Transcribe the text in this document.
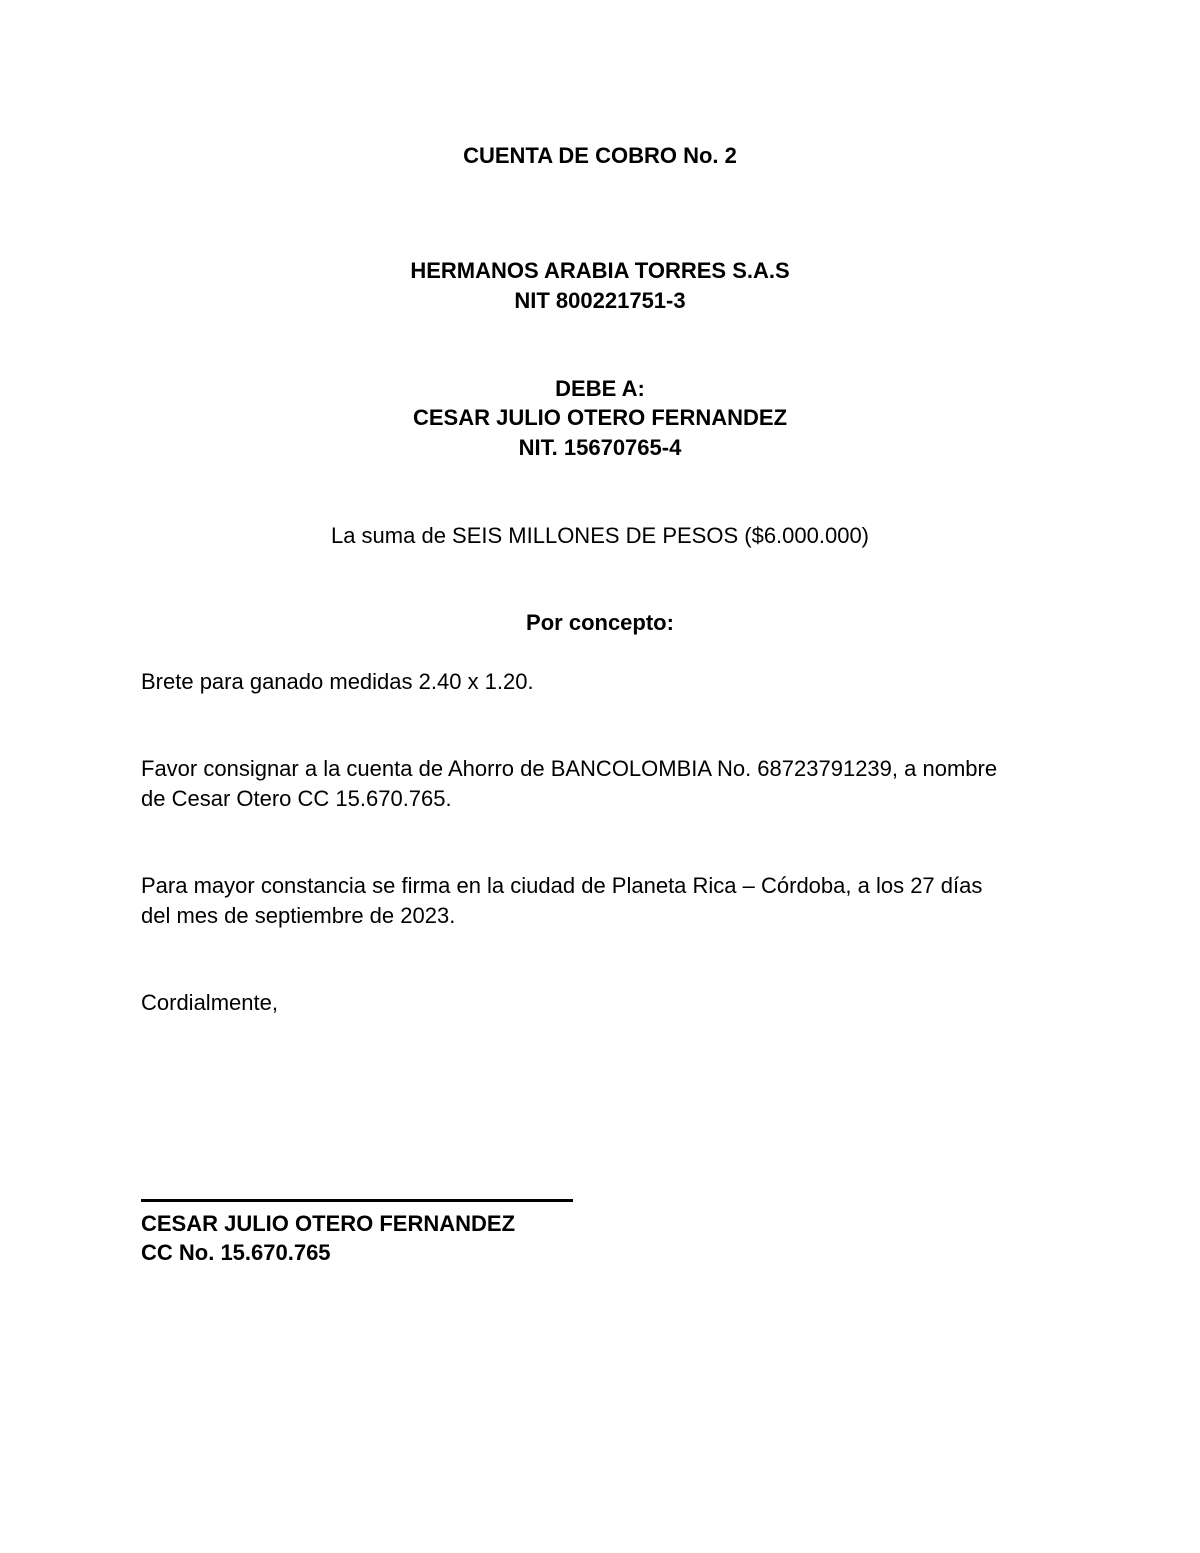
CUENTA DE COBRO No. 2
HERMANOS ARABIA TORRES S.A.S
NIT 800221751-3
DEBE A:
CESAR JULIO OTERO FERNANDEZ
NIT. 15670765-4
La suma de SEIS MILLONES DE PESOS ($6.000.000)
Por concepto:
Brete para ganado medidas 2.40 x 1.20.
Favor consignar a la cuenta de Ahorro de BANCOLOMBIA No. 68723791239, a nombre
de Cesar Otero CC 15.670.765.
Para mayor constancia se firma en la ciudad de Planeta Rica – Córdoba, a los 27 días
del mes de septiembre de 2023.
Cordialmente,
CESAR JULIO OTERO FERNANDEZ
CC No. 15.670.765
